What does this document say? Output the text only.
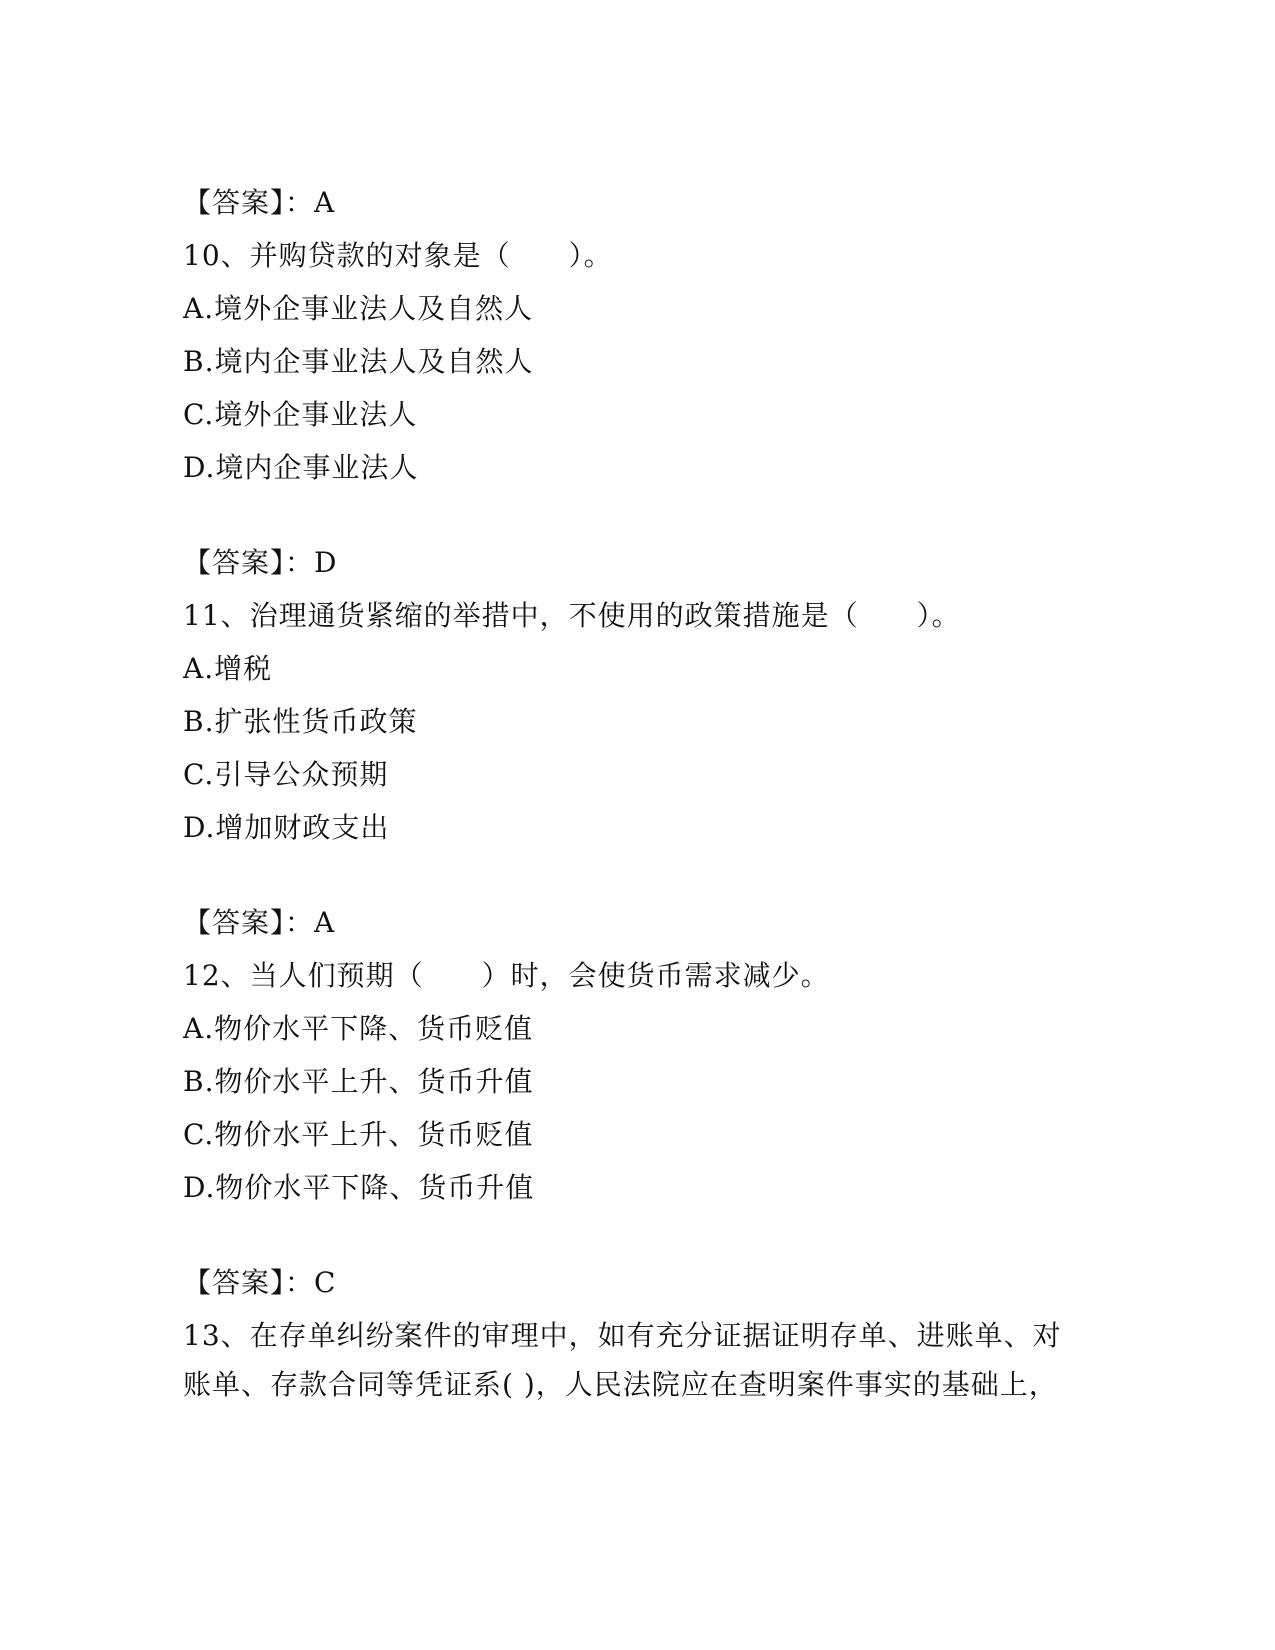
【答案】：A
10、并购贷款的对象是（　　）。
A.境外企事业法人及自然人
B.境内企事业法人及自然人
C.境外企事业法人
D.境内企事业法人
【答案】：D
11、治理通货紧缩的举措中，不使用的政策措施是（　　）。
A.增税
B.扩张性货币政策
C.引导公众预期
D.增加财政支出
【答案】：A
12、当人们预期（　　）时，会使货币需求减少。
A.物价水平下降、货币贬值
B.物价水平上升、货币升值
C.物价水平上升、货币贬值
D.物价水平下降、货币升值
【答案】：C
13、在存单纠纷案件的审理中，如有充分证据证明存单、进账单、对
账单、存款合同等凭证系( )，人民法院应在查明案件事实的基础上，
